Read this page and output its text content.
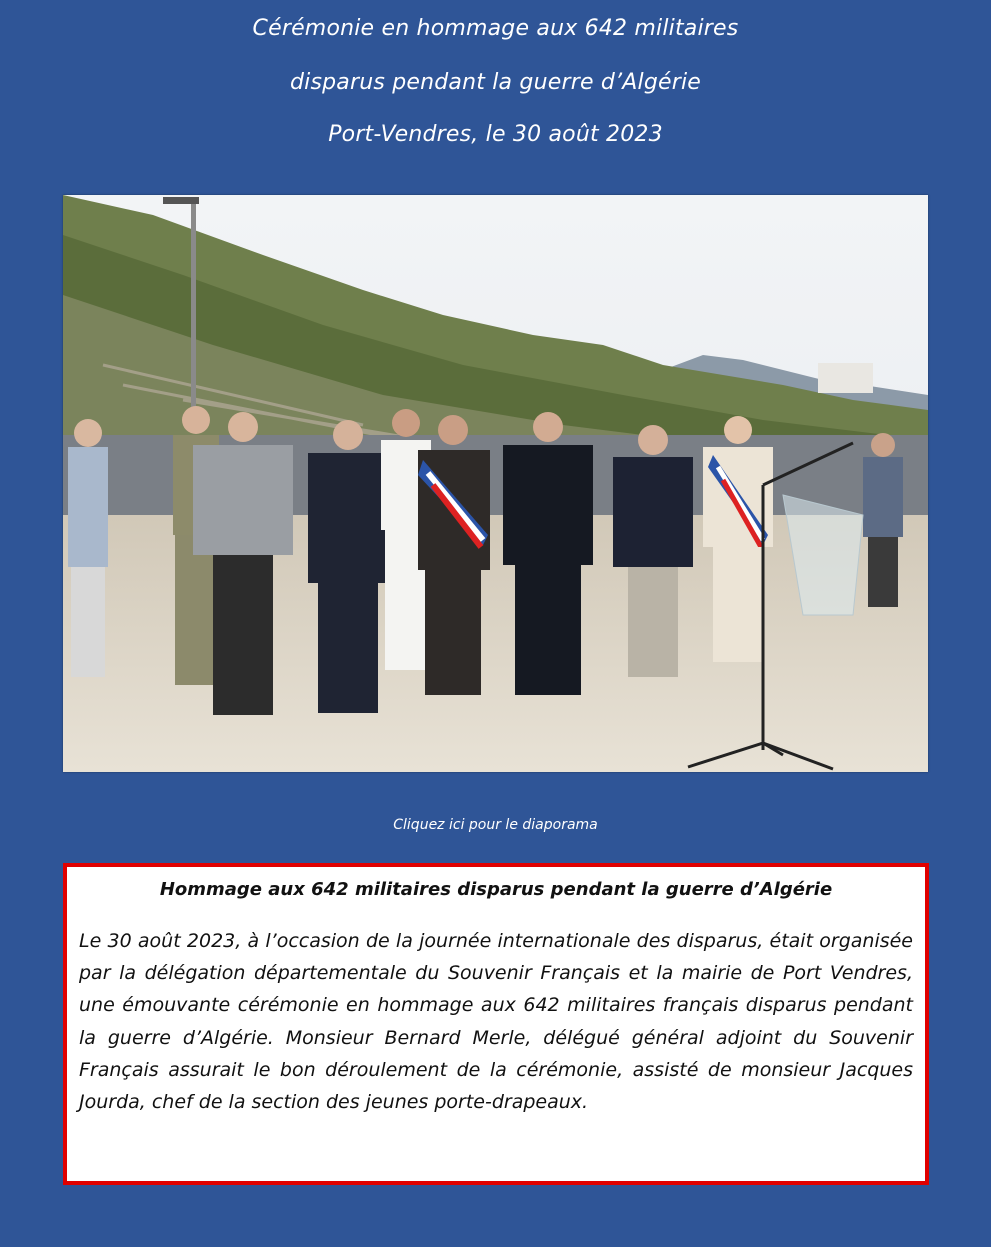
Cérémonie en hommage aux 642 militaires
disparus pendant la guerre d’Algérie
Port-Vendres, le 30 août 2023
Cliquez ici pour le diaporama
Hommage aux 642 militaires disparus pendant la guerre d’Algérie

Le 30 août 2023, à l’occasion de la journée internationale des disparus, était organisée par la délégation départementale du Souvenir Français et la mairie de Port Vendres, une émouvante cérémonie en hommage aux 642 militaires français disparus pendant la guerre d’Algérie. Monsieur Bernard Merle, délégué général adjoint du Souvenir Français assurait le bon déroulement de la cérémonie, assisté de monsieur Jacques Jourda, chef de la section des jeunes porte-drapeaux.
